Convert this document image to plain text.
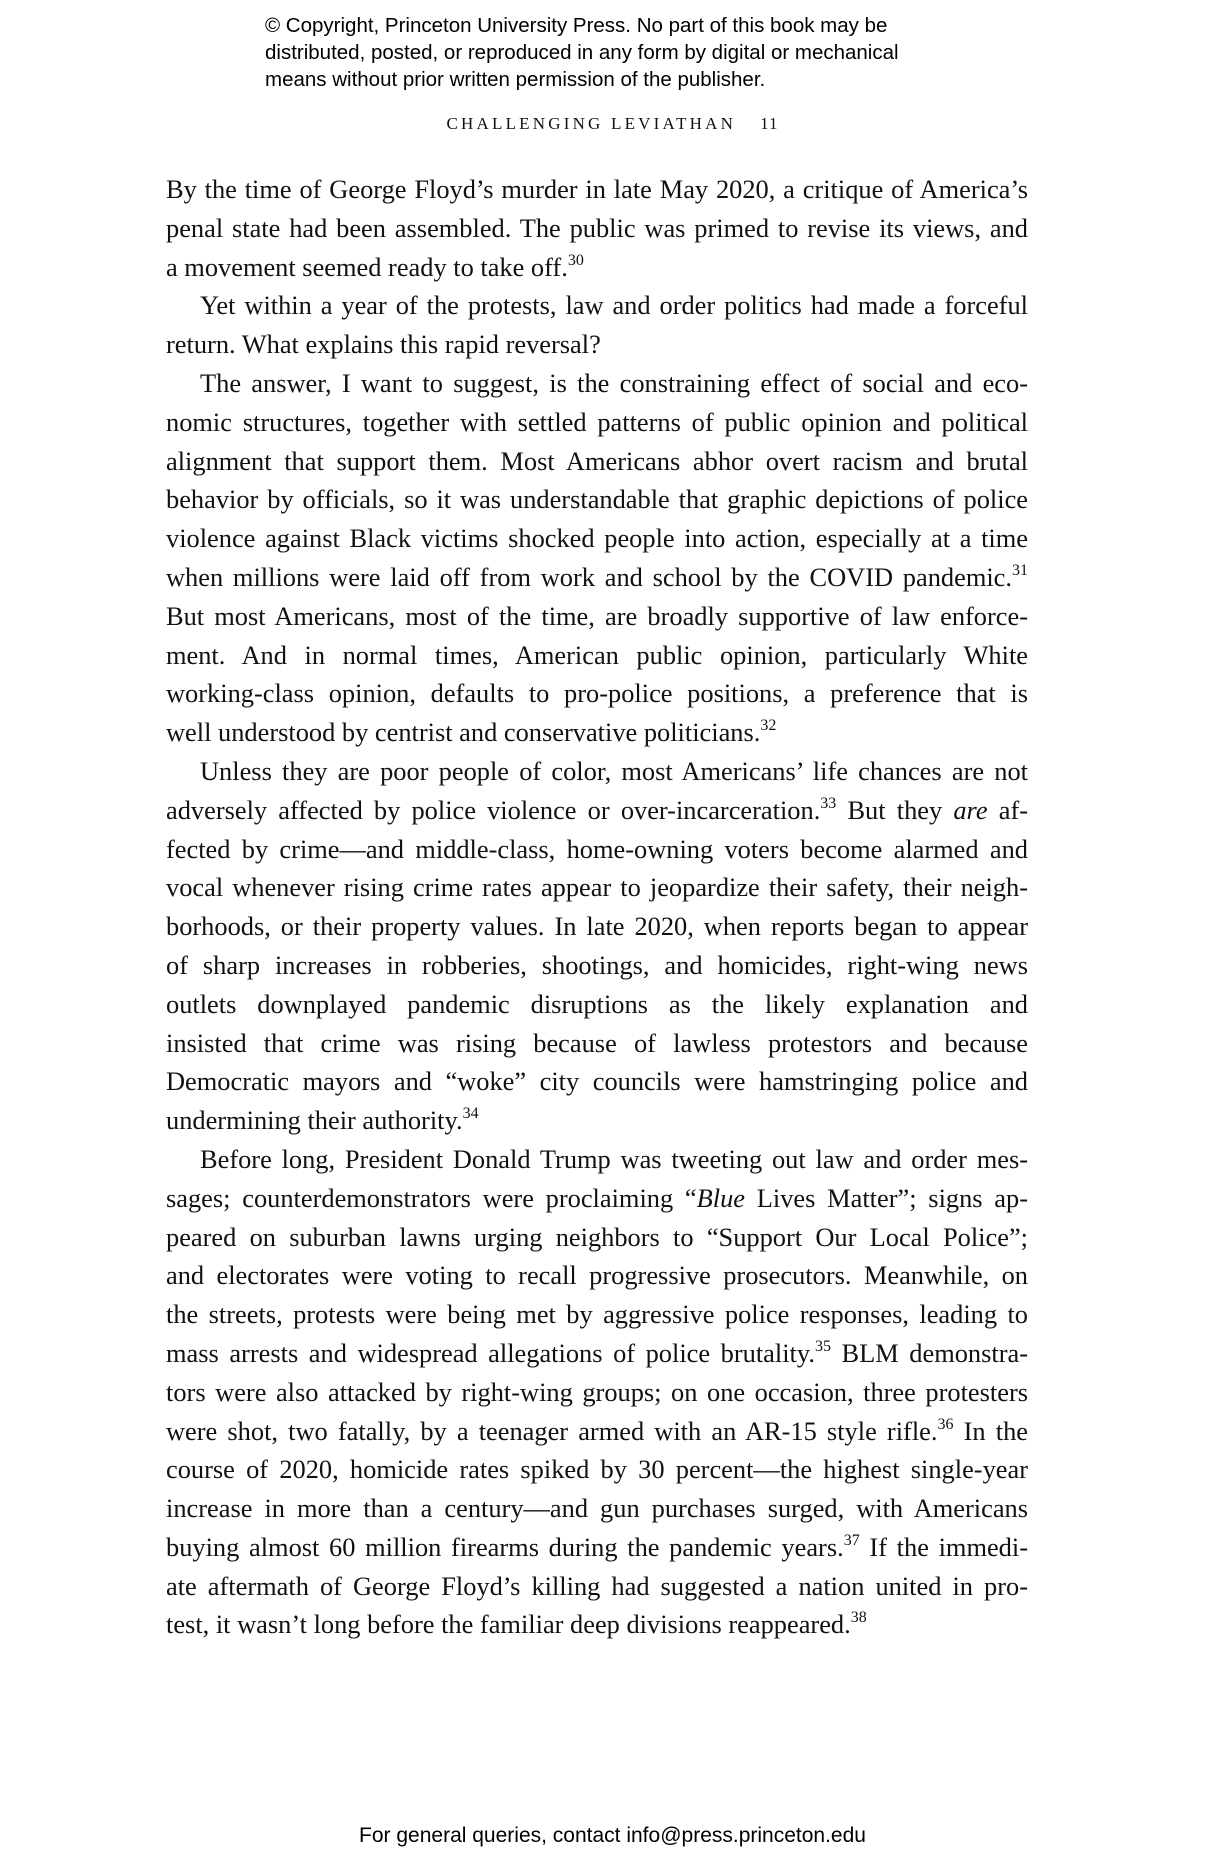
© Copyright, Princeton University Press. No part of this book may be
distributed, posted, or reproduced in any form by digital or mechanical
means without prior written permission of the publisher.
CHALLENGING LEVIATHAN 11
By the time of George Floyd’s murder in late May 2020, a critique of America’s
penal state had been assembled. The public was primed to revise its views, and
a movement seemed ready to take off.$^{30}$
Yet within a year of the protests, law and order politics had made a forceful
return. What explains this rapid reversal?
The answer, I want to suggest, is the constraining effect of social and eco-
nomic structures, together with settled patterns of public opinion and political
alignment that support them. Most Americans abhor overt racism and brutal
behavior by officials, so it was understandable that graphic depictions of police
violence against Black victims shocked people into action, especially at a time
when millions were laid off from work and school by the COVID pandemic.$^{31}$
But most Americans, most of the time, are broadly supportive of law enforce-
ment. And in normal times, American public opinion, particularly White
working-class opinion, defaults to pro-police positions, a preference that is
well understood by centrist and conservative politicians.$^{32}$
Unless they are poor people of color, most Americans’ life chances are not
adversely affected by police violence or over-incarceration.$^{33}$ But they are af-
fected by crime—and middle-class, home-owning voters become alarmed and
vocal whenever rising crime rates appear to jeopardize their safety, their neigh-
borhoods, or their property values. In late 2020, when reports began to appear
of sharp increases in robberies, shootings, and homicides, right-wing news
outlets downplayed pandemic disruptions as the likely explanation and
insisted that crime was rising because of lawless protestors and because
Democratic mayors and “woke” city councils were hamstringing police and
undermining their authority.$^{34}$
Before long, President Donald Trump was tweeting out law and order mes-
sages; counterdemonstrators were proclaiming “Blue Lives Matter”; signs ap-
peared on suburban lawns urging neighbors to “Support Our Local Police”;
and electorates were voting to recall progressive prosecutors. Meanwhile, on
the streets, protests were being met by aggressive police responses, leading to
mass arrests and widespread allegations of police brutality.$^{35}$ BLM demonstra-
tors were also attacked by right-wing groups; on one occasion, three protesters
were shot, two fatally, by a teenager armed with an AR-15 style rifle.$^{36}$ In the
course of 2020, homicide rates spiked by 30 percent—the highest single-year
increase in more than a century—and gun purchases surged, with Americans
buying almost 60 million firearms during the pandemic years.$^{37}$ If the immedi-
ate aftermath of George Floyd’s killing had suggested a nation united in pro-
test, it wasn’t long before the familiar deep divisions reappeared.$^{38}$
For general queries, contact info@press.princeton.edu
